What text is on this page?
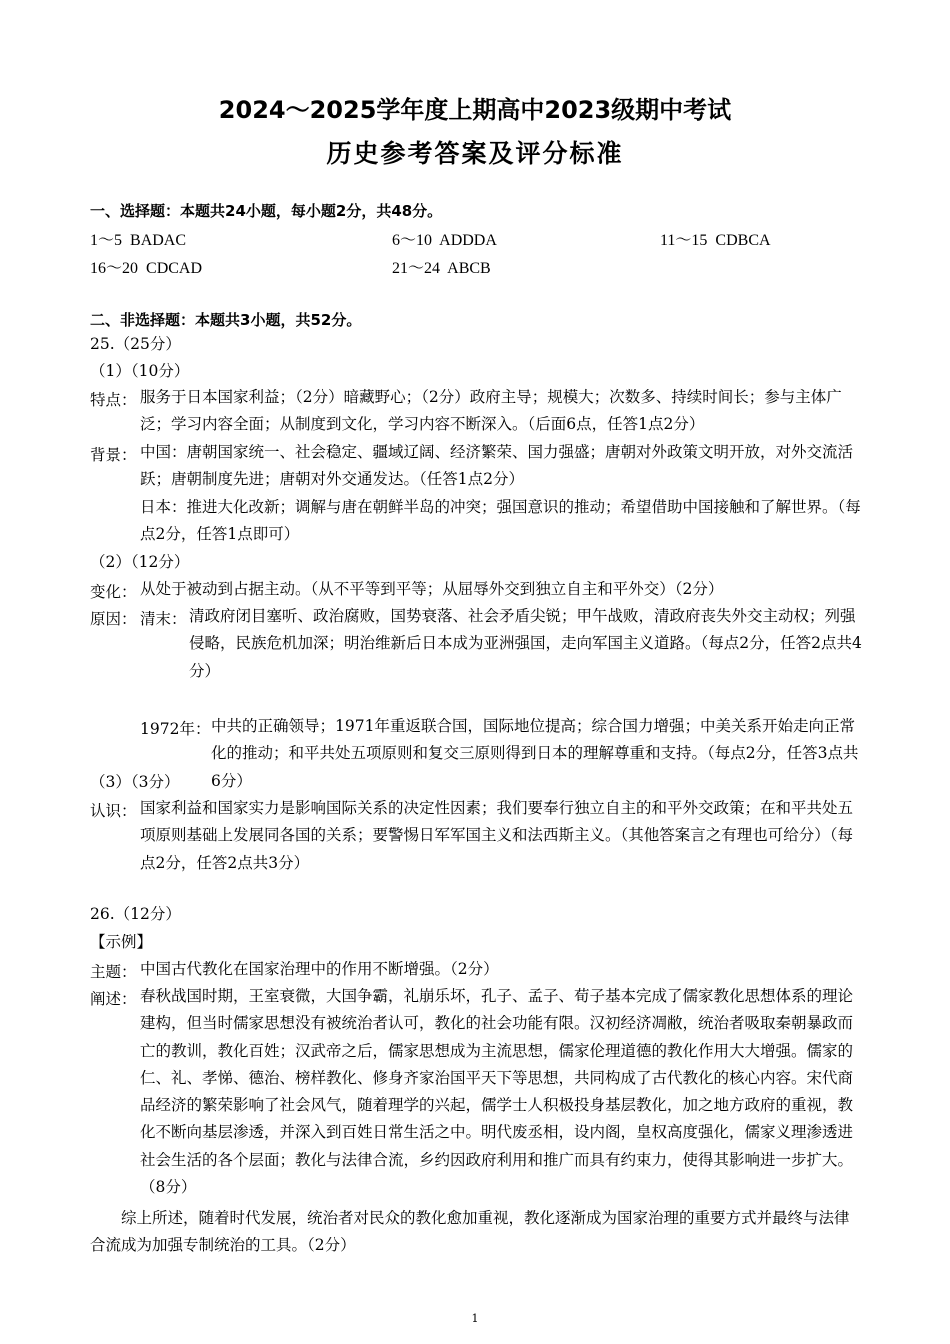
2024～2025学年度上期高中2023级期中考试
历史参考答案及评分标准
一、选择题：本题共24小题，每小题2分，共48分。
1～5 BADAC	6～10 ADDDA	11～15 CDBCA
16～20 CDCAD	21～24 ABCB
二、非选择题：本题共3小题，共52分。
25.（25分）
（1）（10分）
特点： 服务于日本国家利益；（2分）暗藏野心；（2分）政府主导；规模大；次数多、持续时间长；参与主体广泛；学习内容全面；从制度到文化，学习内容不断深入。（后面6点，任答1点2分）
背景： 中国：唐朝国家统一、社会稳定、疆域辽阔、经济繁荣、国力强盛；唐朝对外政策文明开放，对外交流活跃；唐朝制度先进；唐朝对外交通发达。（任答1点2分）
日本：推进大化改新；调解与唐在朝鲜半岛的冲突；强国意识的推动；希望借助中国接触和了解世界。（每点2分，任答1点即可）
（2）（12分）
变化： 从处于被动到占据主动。（从不平等到平等；从屈辱外交到独立自主和平外交）（2分）
原因： 清末： 清政府闭目塞听、政治腐败，国势衰落、社会矛盾尖锐；甲午战败，清政府丧失外交主动权；列强侵略，民族危机加深；明治维新后日本成为亚洲强国，走向军国主义道路。（每点2分，任答2点共4分）
1972年： 中共的正确领导；1971年重返联合国，国际地位提高；综合国力增强；中美关系开始走向正常化的推动；和平共处五项原则和复交三原则得到日本的理解尊重和支持。（每点2分，任答3点共6分）
（3）（3分）
认识： 国家利益和国家实力是影响国际关系的决定性因素；我们要奉行独立自主的和平外交政策；在和平共处五项原则基础上发展同各国的关系；要警惕日军军国主义和法西斯主义。（其他答案言之有理也可给分）（每点2分，任答2点共3分）
26.（12分）
【示例】
主题： 中国古代教化在国家治理中的作用不断增强。（2分）
阐述： 春秋战国时期，王室衰微，大国争霸，礼崩乐坏，孔子、孟子、荀子基本完成了儒家教化思想体系的理论建构，但当时儒家思想没有被统治者认可，教化的社会功能有限。汉初经济凋敝，统治者吸取秦朝暴政而亡的教训，教化百姓；汉武帝之后，儒家思想成为主流思想，儒家伦理道德的教化作用大大增强。儒家的仁、礼、孝悌、德治、榜样教化、修身齐家治国平天下等思想，共同构成了古代教化的核心内容。宋代商品经济的繁荣影响了社会风气，随着理学的兴起，儒学士人积极投身基层教化，加之地方政府的重视，教化不断向基层渗透，并深入到百姓日常生活之中。明代废丞相，设内阁，皇权高度强化，儒家义理渗透进社会生活的各个层面；教化与法律合流，乡约因政府利用和推广而具有约束力，使得其影响进一步扩大。（8分）
综上所述，随着时代发展，统治者对民众的教化愈加重视，教化逐渐成为国家治理的重要方式并最终与法律合流成为加强专制统治的工具。（2分）
1
